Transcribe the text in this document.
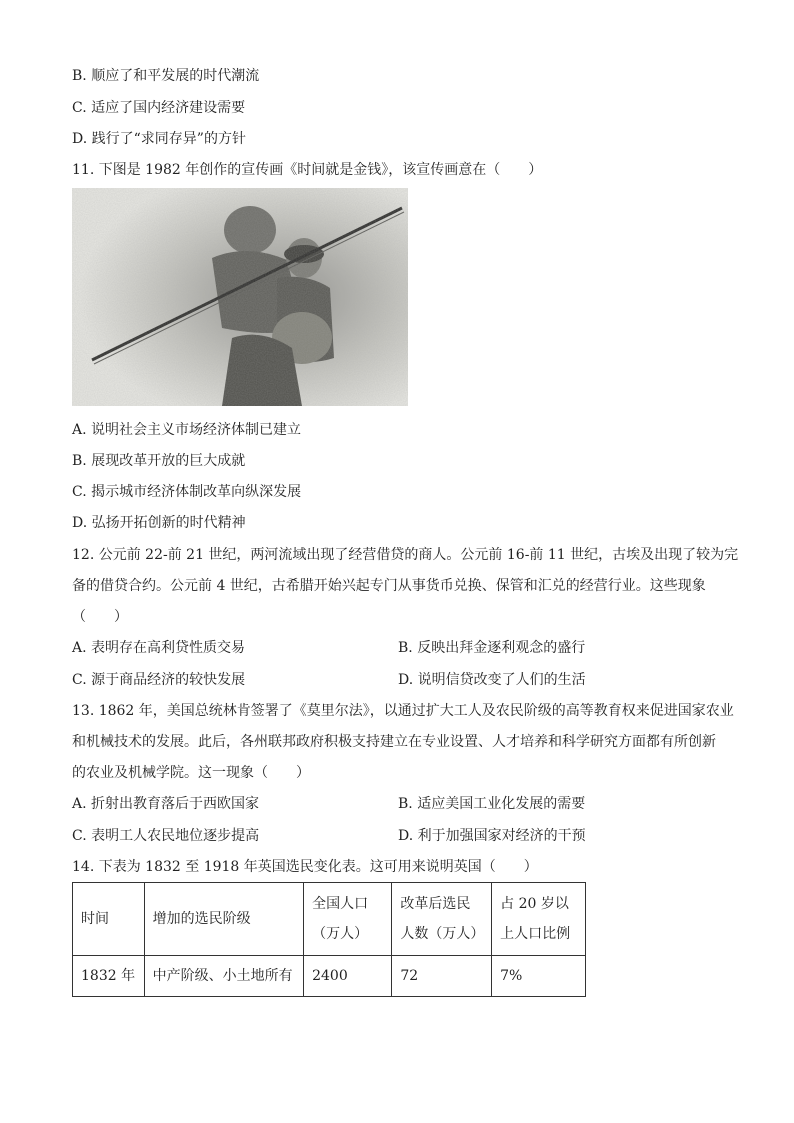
B. 顺应了和平发展的时代潮流
C. 适应了国内经济建设需要
D. 践行了“求同存异”的方针
11. 下图是 1982 年创作的宣传画《时间就是金钱》，该宣传画意在（　　）
A. 说明社会主义市场经济体制已建立
B. 展现改革开放的巨大成就
C. 揭示城市经济体制改革向纵深发展
D. 弘扬开拓创新的时代精神
12. 公元前 22-前 21 世纪，两河流域出现了经营借贷的商人。公元前 16-前 11 世纪，古埃及出现了较为完
备的借贷合约。公元前 4 世纪，古希腊开始兴起专门从事货币兑换、保管和汇兑的经营行业。这些现象
（　　）
A. 表明存在高利贷性质交易	B. 反映出拜金逐利观念的盛行
C. 源于商品经济的较快发展	D. 说明信贷改变了人们的生活
13. 1862 年，美国总统林肯签署了《莫里尔法》，以通过扩大工人及农民阶级的高等教育权来促进国家农业
和机械技术的发展。此后，各州联邦政府积极支持建立在专业设置、人才培养和科学研究方面都有所创新
的农业及机械学院。这一现象（　　）
A. 折射出教育落后于西欧国家	B. 适应美国工业化发展的需要
C. 表明工人农民地位逐步提高	D. 利于加强国家对经济的干预
14. 下表为 1832 至 1918 年英国选民变化表。这可用来说明英国（　　）
时间	增加的选民阶级	全国人口（万人）	改革后选民人数（万人）	占 20 岁以上人口比例
1832 年	中产阶级、小土地所有	2400	72	7%
